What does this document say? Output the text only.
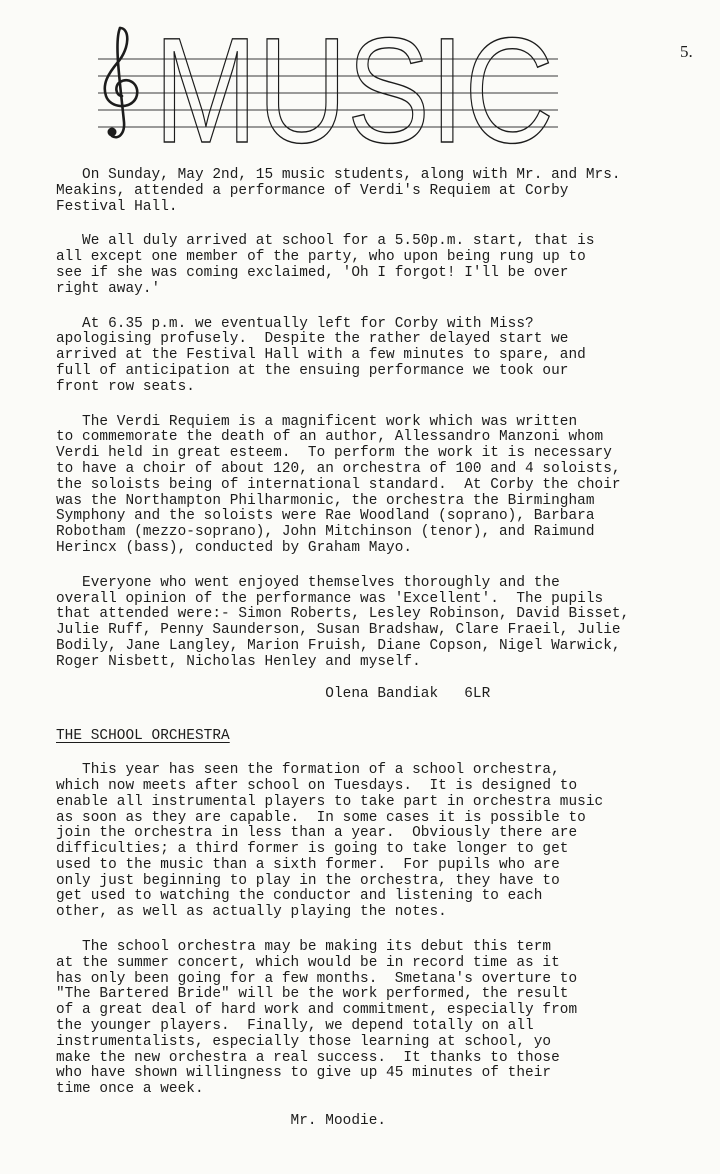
5.
MUSIC

On Sunday, May 2nd, 15 music students, along with Mr. and Mrs.
Meakins, attended a performance of Verdi's Requiem at Corby
Festival Hall.

We all duly arrived at school for a 5.50p.m. start, that is
all except one member of the party, who upon being rung up to
see if she was coming exclaimed, 'Oh I forgot! I'll be over
right away.'

At 6.35 p.m. we eventually left for Corby with Miss?
apologising profusely.  Despite the rather delayed start we
arrived at the Festival Hall with a few minutes to spare, and
full of anticipation at the ensuing performance we took our
front row seats.

The Verdi Requiem is a magnificent work which was written
to commemorate the death of an author, Allessandro Manzoni whom
Verdi held in great esteem.  To perform the work it is necessary
to have a choir of about 120, an orchestra of 100 and 4 soloists,
the soloists being of international standard.  At Corby the choir
was the Northampton Philharmonic, the orchestra the Birmingham
Symphony and the soloists were Rae Woodland (soprano), Barbara
Robotham (mezzo-soprano), John Mitchinson (tenor), and Raimund
Herincx (bass), conducted by Graham Mayo.

Everyone who went enjoyed themselves thoroughly and the
overall opinion of the performance was 'Excellent'.  The pupils
that attended were:- Simon Roberts, Lesley Robinson, David Bisset,
Julie Ruff, Penny Saunderson, Susan Bradshaw, Clare Fraeil, Julie
Bodily, Jane Langley, Marion Fruish, Diane Copson, Nigel Warwick,
Roger Nisbett, Nicholas Henley and myself.

Olena Bandiak   6LR

THE SCHOOL ORCHESTRA

This year has seen the formation of a school orchestra,
which now meets after school on Tuesdays.  It is designed to
enable all instrumental players to take part in orchestra music
as soon as they are capable.  In some cases it is possible to
join the orchestra in less than a year.  Obviously there are
difficulties; a third former is going to take longer to get
used to the music than a sixth former.  For pupils who are
only just beginning to play in the orchestra, they have to
get used to watching the conductor and listening to each
other, as well as actually playing the notes.

The school orchestra may be making its debut this term
at the summer concert, which would be in record time as it
has only been going for a few months.  Smetana's overture to
"The Bartered Bride" will be the work performed, the result
of a great deal of hard work and commitment, especially from
the younger players.  Finally, we depend totally on all
instrumentalists, especially those learning at school, yo
make the new orchestra a real success.  It thanks to those
who have shown willingness to give up 45 minutes of their
time once a week.

Mr. Moodie.
